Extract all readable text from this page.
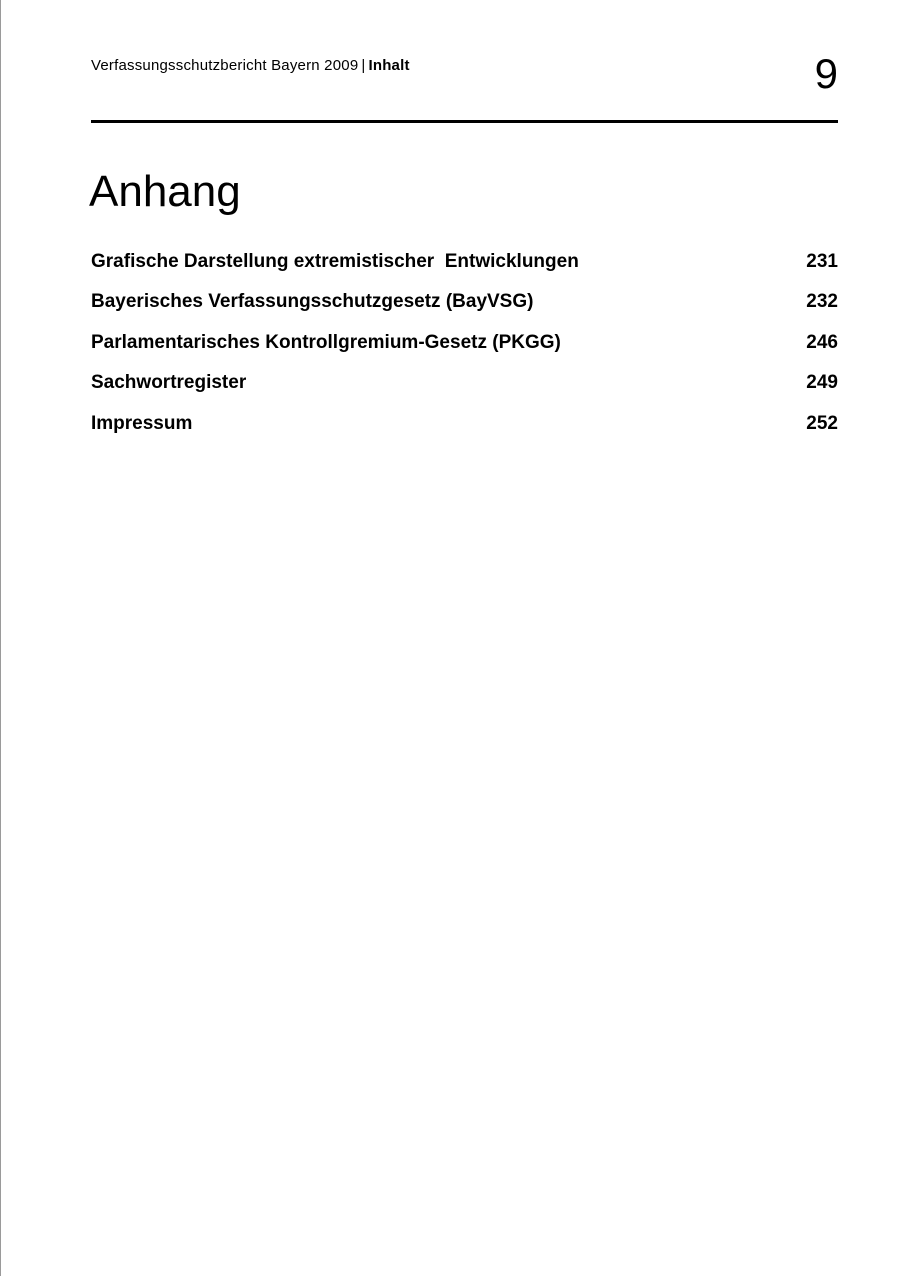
Verfassungsschutzbericht Bayern 2009 | Inhalt	9
Anhang
Grafische Darstellung extremistischer  Entwicklungen	231
Bayerisches Verfassungsschutzgesetz (BayVSG)	232
Parlamentarisches Kontrollgremium-Gesetz (PKGG)	246
Sachwortregister	249
Impressum	252
